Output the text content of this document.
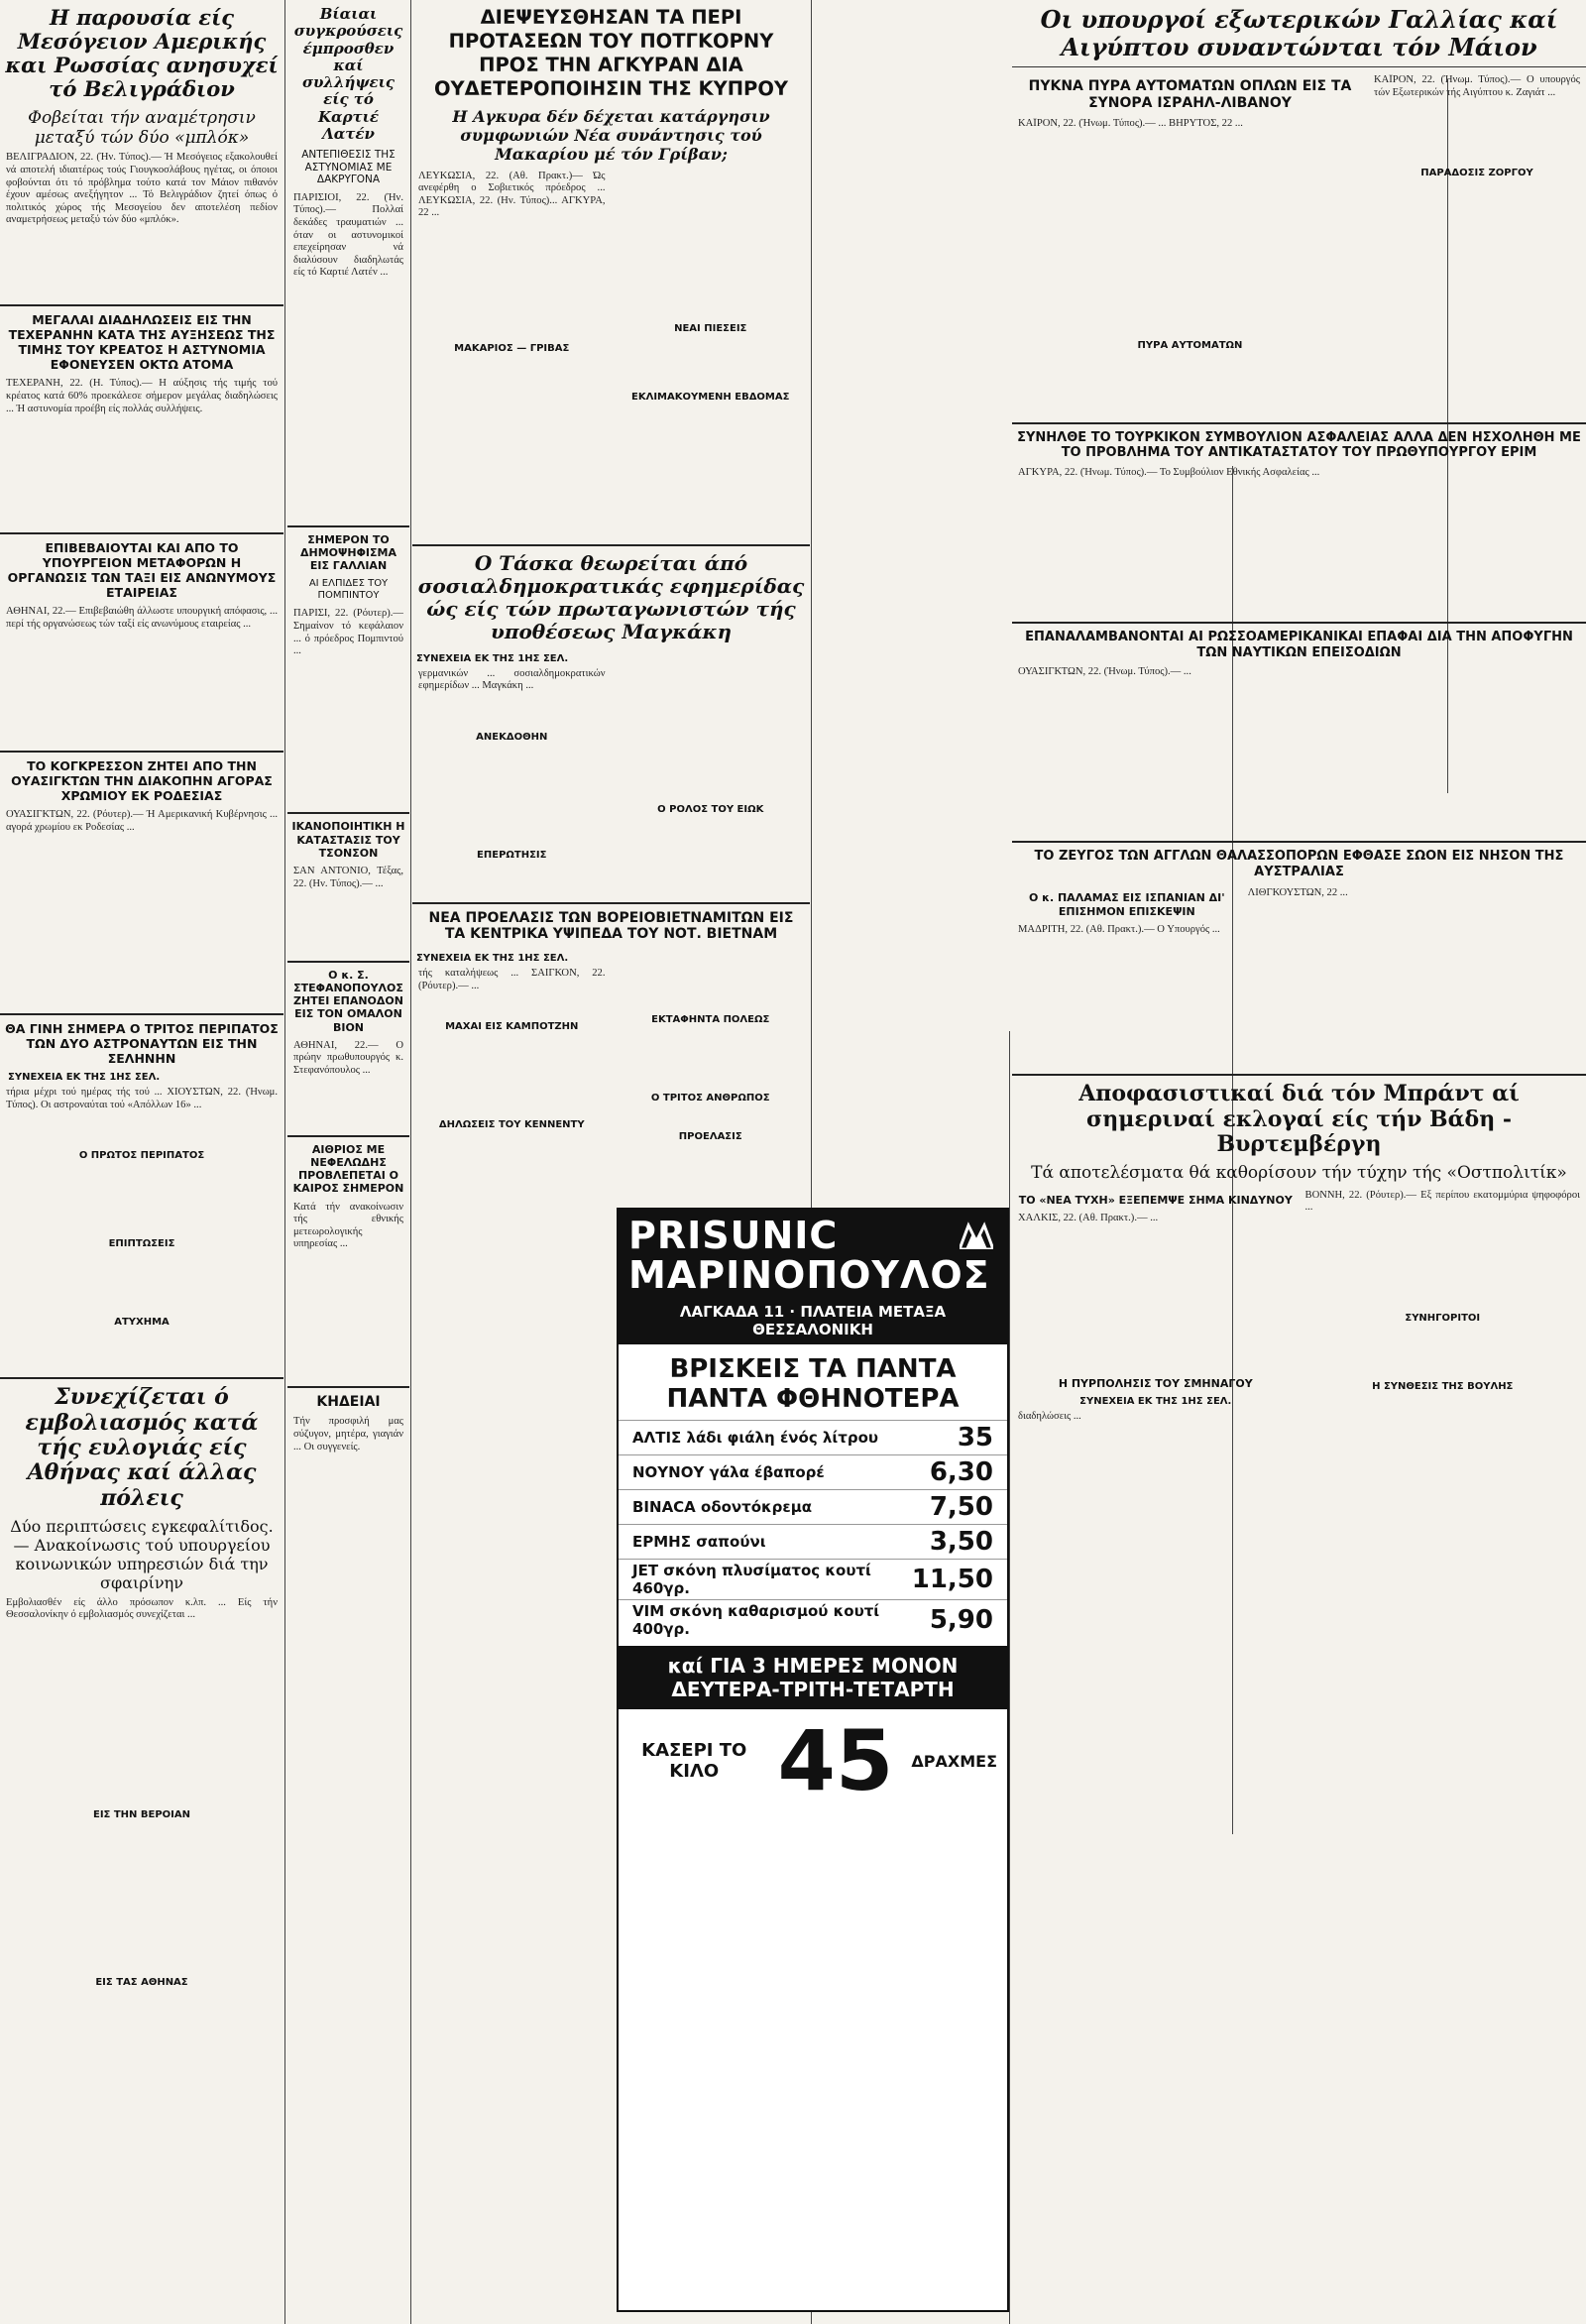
Η παρουσία είς Μεσόγειον Αμερικής και Ρωσσίας ανησυχεί τό Βελιγράδιον
Φοβείται τήν αναμέτρησιν μεταξύ τών δύο «μπλόκ»
ΒΕΛΙΓΡΑΔΙΟΝ, 22. (Ήν. Τύπος).— Ή Μεσόγειος εξακολουθεί νά αποτελή ιδιαιτέρως τούς Γιουγκοσλάβους ηγέτας, οι όποιοι φοβούνται ότι τό πρόβλημα τούτο κατά τον Μάιον πιθανόν έχουν αμέσως ανεξήγητον ... Τό Βελιγράδιον ζητεί όπως ό πολιτικός χώρος τής Μεσογείου δεν αποτελέση πεδίον αναμετρήσεως μεταξύ τών δύο «μπλόκ».
ΜΕΓΑΛΑΙ ΔΙΑΔΗΛΩΣΕΙΣ ΕΙΣ ΤΗΝ ΤΕΧΕΡΑΝΗΝ ΚΑΤΑ ΤΗΣ ΑΥΞΗΣΕΩΣ ΤΗΣ ΤΙΜΗΣ ΤΟΥ ΚΡΕΑΤΟΣ Η ΑΣΤΥΝΟΜΙΑ ΕΦΟΝΕΥΣΕΝ ΟΚΤΩ ΑΤΟΜΑ
ΤΕΧΕΡΑΝΗ, 22. (Η. Τύπος).— Η αύξησις τής τιμής τού κρέατος κατά 60% προεκάλεσε σήμερον μεγάλας διαδηλώσεις ... Ή αστυνομία προέβη είς πολλάς συλλήψεις.
ΕΠΙΒΕΒΑΙΟΥΤΑΙ ΚΑΙ ΑΠΟ ΤΟ ΥΠΟΥΡΓΕΙΟΝ ΜΕΤΑΦΟΡΩΝ Η ΟΡΓΑΝΩΣΙΣ ΤΩΝ ΤΑΞΙ ΕΙΣ ΑΝΩΝΥΜΟΥΣ ΕΤΑΙΡΕΙΑΣ
ΑΘΗΝΑΙ, 22.— Επιβεβαιώθη άλλωστε υπουργική απόφασις, ... περί τής οργανώσεως τών ταξί είς ανωνύμους εταιρείας ...
ΤΟ ΚΟΓΚΡΕΣΣΟΝ ΖΗΤΕΙ ΑΠΟ ΤΗΝ ΟΥΑΣΙΓΚΤΩΝ ΤΗΝ ΔΙΑΚΟΠΗΝ ΑΓΟΡΑΣ ΧΡΩΜΙΟΥ ΕΚ ΡΟΔΕΣΙΑΣ
ΟΥΑΣΙΓΚΤΩΝ, 22. (Ρόυτερ).— Ή Αμερικανική Κυβέρνησις ... αγορά χρωμίου εκ Ροδεσίας ...
ΘΑ ΓΙΝΗ ΣΗΜΕΡΑ Ο ΤΡΙΤΟΣ ΠΕΡΙΠΑΤΟΣ ΤΩΝ ΔΥΟ ΑΣΤΡΟΝΑΥΤΩΝ ΕΙΣ ΤΗΝ ΣΕΛΗΝΗΝ
ΣΥΝΕΧΕΙΑ ΕΚ ΤΗΣ 1ΗΣ ΣΕΛ.
τήρια μέχρι τού ημέρας τής τού ... ΧΙΟΥΣΤΩΝ, 22. (Ήνωμ. Τύπος). Οι αστροναύται τού «Απόλλων 16» ...
Ο ΠΡΩΤΟΣ ΠΕΡΙΠΑΤΟΣ
ΕΠΙΠΤΩΣΕΙΣ
ΑΤΥΧΗΜΑ
Συνεχίζεται ό εμβολιασμός κατά τής ευλογιάς είς Αθήνας καί άλλας πόλεις
Δύο περιπτώσεις εγκεφαλίτιδος.— Ανακοίνωσις τού υπουργείου κοινωνικών υπηρεσιών διά την σφαιρίνην
Εμβολιασθέν είς άλλο πρόσωπον κ.λπ. ... Είς τήν Θεσσαλονίκην ό εμβολιασμός συνεχίζεται ...
ΕΙΣ ΤΗΝ ΒΕΡΟΙΑΝ
ΕΙΣ ΤΑΣ ΑΘΗΝΑΣ
Βίαιαι συγκρούσεις έμπροσθεν καί συλλήψεις είς τό Καρτιέ Λατέν
ΑΝΤΕΠΙΘΕΣΙΣ ΤΗΣ ΑΣΤΥΝΟΜΙΑΣ ΜΕ ΔΑΚΡΥΓΟΝΑ
ΠΑΡΙΣΙΟΙ, 22. (Ήν. Τύπος).— Πολλαί δεκάδες τραυματιών ... όταν οι αστυνομικοί επεχείρησαν νά διαλύσουν διαδηλωτάς είς τό Καρτιέ Λατέν ...
ΣΗΜΕΡΟΝ ΤΟ ΔΗΜΟΨΗΦΙΣΜΑ ΕΙΣ ΓΑΛΛΙΑΝ
ΑΙ ΕΛΠΙΔΕΣ ΤΟΥ ΠΟΜΠΙΝΤΟΥ
ΠΑΡΙΣΙ, 22. (Ρόυτερ).— Σημαίνον τό κεφάλαιον ... ό πρόεδρος Πομπιντού ...
ΙΚΑΝΟΠΟΙΗΤΙΚΗ Η ΚΑΤΑΣΤΑΣΙΣ ΤΟΥ ΤΣΟΝΣΟΝ
ΣΑΝ ΑΝΤΟΝΙΟ, Τέξας, 22. (Ην. Τύπος).— ...
Ο κ. Σ. ΣΤΕΦΑΝΟΠΟΥΛΟΣ ΖΗΤΕΙ ΕΠΑΝΟΔΟΝ ΕΙΣ ΤΟΝ ΟΜΑΛΟΝ ΒΙΟΝ
ΑΘΗΝΑΙ, 22.— Ο πρώην πρωθυπουργός κ. Στεφανόπουλος ...
ΑΙΘΡΙΟΣ ΜΕ ΝΕΦΕΛΩΔΗΣ ΠΡΟΒΛΕΠΕΤΑΙ Ο ΚΑΙΡΟΣ ΣΗΜΕΡΟΝ
Κατά τήν ανακοίνωσιν τής εθνικής μετεωρολογικής υπηρεσίας ...
ΚΗΔΕΙΑΙ
Τήν προσφιλή μας σύζυγον, μητέρα, γιαγιάν ... Οι συγγενείς.
ΔΙΕΨΕΥΣΘΗΣΑΝ ΤΑ ΠΕΡΙ ΠΡΟΤΑΣΕΩΝ ΤΟΥ ΠΟΤΓΚΟΡΝΥ ΠΡΟΣ ΤΗΝ ΑΓΚΥΡΑΝ ΔΙΑ ΟΥΔΕΤΕΡΟΠΟΙΗΣΙΝ ΤΗΣ ΚΥΠΡΟΥ
Η Αγκυρα δέν δέχεται κατάργησιν συμφωνιών Νέα συνάντησις τού Μακαρίου μέ τόν Γρίβαν;
ΛΕΥΚΩΣΙΑ, 22. (Αθ. Πρακτ.)— Ώς ανεφέρθη ο Σοβιετικός πρόεδρος ... ΛΕΥΚΩΣΙΑ, 22. (Ην. Τύπος)... ΑΓΚΥΡΑ, 22 ...
ΜΑΚΑΡΙΟΣ — ΓΡΙΒΑΣ
ΝΕΑΙ ΠΙΕΣΕΙΣ
ΕΚΛΙΜΑΚΟΥΜΕΝΗ ΕΒΔΟΜΑΣ
Ο Τάσκα θεωρείται άπό σοσιαλδημοκρατικάς εφημερίδας ώς είς τών πρωταγωνιστών τής υποθέσεως Μαγκάκη
ΣΥΝΕΧΕΙΑ ΕΚ ΤΗΣ 1ΗΣ ΣΕΛ.
γερμανικών ... σοσιαλδημοκρατικών εφημερίδων ... Μαγκάκη ...
ΑΝΕΚΔΟΘΗΝ
ΕΠΕΡΩΤΗΣΙΣ
Ο ΡΟΛΟΣ ΤΟΥ ΕΙΩΚ
ΝΕΑ ΠΡΟΕΛΑΣΙΣ ΤΩΝ ΒΟΡΕΙΟΒΙΕΤΝΑΜΙΤΩΝ ΕΙΣ ΤΑ ΚΕΝΤΡΙΚΑ ΥΨΙΠΕΔΑ ΤΟΥ ΝΟΤ. ΒΙΕΤΝΑΜ
ΣΥΝΕΧΕΙΑ ΕΚ ΤΗΣ 1ΗΣ ΣΕΛ.
τής καταλήψεως ... ΣΑΙΓΚΟΝ, 22. (Ρόυτερ).— ...
ΜΑΧΑΙ ΕΙΣ ΚΑΜΠΟΤΖΗΝ
ΔΗΛΩΣΕΙΣ ΤΟΥ ΚΕΝΝΕΝΤΥ
ΕΚΤΑΦΗΝΤΑ ΠΟΛΕΩΣ
Ο ΤΡΙΤΟΣ ΑΝΘΡΩΠΟΣ
ΠΡΟΕΛΑΣΙΣ
PRISUNIC
ΜΑΡΙΝΟΠΟΥΛΟΣ
ΛΑΓΚΑΔΑ 11 · ΠΛΑΤΕΙΑ ΜΕΤΑΞΑ ΘΕΣΣΑΛΟΝΙΚΗ
ΒΡΙΣΚΕΙΣ ΤΑ ΠΑΝΤΑ ΠΑΝΤΑ ΦΘΗΝΟΤΕΡΑ
ΑΛΤΙΣ λάδι φιάλη ένός λίτρου	35
ΝΟΥΝΟΥ γάλα έβαπορέ	6,30
BINACA οδοντόκρεμα	7,50
ΕΡΜΗΣ σαπούνι	3,50
JET σκόνη πλυσίματος κουτί 460γρ.	11,50
VIM σκόνη καθαρισμού κουτί 400γρ.	5,90
καί ΓΙΑ 3 ΗΜΕΡΕΣ ΜΟΝΟΝ ΔΕΥΤΕΡΑ-ΤΡΙΤΗ-ΤΕΤΑΡΤΗ
ΚΑΣΕΡΙ ΤΟ ΚΙΛΟ 45 ΔΡΑΧΜΕΣ
Οι υπουργοί εξωτερικών Γαλλίας καί Αιγύπτου συναντώνται τόν Μάιον
ΠΥΚΝΑ ΠΥΡΑ ΑΥΤΟΜΑΤΩΝ ΟΠΛΩΝ ΕΙΣ ΤΑ ΣΥΝΟΡΑ ΙΣΡΑΗΛ-ΛΙΒΑΝΟΥ
ΚΑΪΡΟΝ, 22. (Ήνωμ. Τύπος).— ... ΒΗΡΥΤΟΣ, 22 ...
ΠΥΡΑ ΑΥΤΟΜΑΤΩΝ
ΚΑΪΡΟΝ, 22. (Ήνωμ. Τύπος).— Ο υπουργός τών Εξωτερικών τής Αιγύπτου κ. Ζαγιάτ ...
ΠΑΡΑΔΟΣΙΣ ΖΟΡΓΟΥ
ΣΥΝΗΛΘΕ ΤΟ ΤΟΥΡΚΙΚΟΝ ΣΥΜΒΟΥΛΙΟΝ ΑΣΦΑΛΕΙΑΣ ΑΛΛΑ ΔΕΝ ΗΣΧΟΛΗΘΗ ΜΕ ΤΟ ΠΡΟΒΛΗΜΑ ΤΟΥ ΑΝΤΙΚΑΤΑΣΤΑΤΟΥ ΤΟΥ ΠΡΩΘΥΠΟΥΡΓΟΥ ΕΡΙΜ
ΑΓΚΥΡΑ, 22. (Ήνωμ. Τύπος).— Το Συμβούλιον Εθνικής Ασφαλείας ...
ΕΠΑΝΑΛΑΜΒΑΝΟΝΤΑΙ ΑΙ ΡΩΣΣΟΑΜΕΡΙΚΑΝΙΚΑΙ ΕΠΑΦΑΙ ΔΙΑ ΤΗΝ ΑΠΟΦΥΓΗΝ ΤΩΝ ΝΑΥΤΙΚΩΝ ΕΠΕΙΣΟΔΙΩΝ
ΟΥΑΣΙΓΚΤΩΝ, 22. (Ήνωμ. Τύπος).— ...
ΤΟ ΖΕΥΓΟΣ ΤΩΝ ΑΓΓΛΩΝ ΘΑΛΑΣΣΟΠΟΡΩΝ ΕΦΘΑΣΕ ΣΩΟΝ ΕΙΣ ΝΗΣΟΝ ΤΗΣ ΑΥΣΤΡΑΛΙΑΣ
Ο κ. ΠΑΛΑΜΑΣ ΕΙΣ ΙΣΠΑΝΙΑΝ ΔΙ' ΕΠΙΣΗΜΟΝ ΕΠΙΣΚΕΨΙΝ
ΜΑΔΡΙΤΗ, 22. (Αθ. Πρακτ.).— Ο Υπουργός ...
ΛΙΘΓΚΟΥΣΤΩΝ, 22 ...
Αποφασιστικαί διά τόν Μπράντ αί σημεριναί εκλογαί είς τήν Βάδη - Βυρτεμβέργη
Τά αποτελέσματα θά καθορίσουν τήν τύχην τής «Οστπολιτίκ»
ΤΟ «ΝΕΑ ΤΥΧΗ» ΕΞΕΠΕΜΨΕ ΣΗΜΑ ΚΙΝΔΥΝΟΥ
ΧΑΛΚΙΣ, 22. (Αθ. Πρακτ.).— ...
Η ΠΥΡΠΟΛΗΣΙΣ ΤΟΥ ΣΜΗΝΑΓΟΥ
ΣΥΝΕΧΕΙΑ ΕΚ ΤΗΣ 1ΗΣ ΣΕΛ.
διαδηλώσεις ...
ΒΟΝΝΗ, 22. (Ρόυτερ).— Εξ περίπου εκατομμύρια ψηφοφόροι ...
ΣΥΝΗΓΟΡΙΤΟΙ
Η ΣΥΝΘΕΣΙΣ ΤΗΣ ΒΟΥΛΗΣ
